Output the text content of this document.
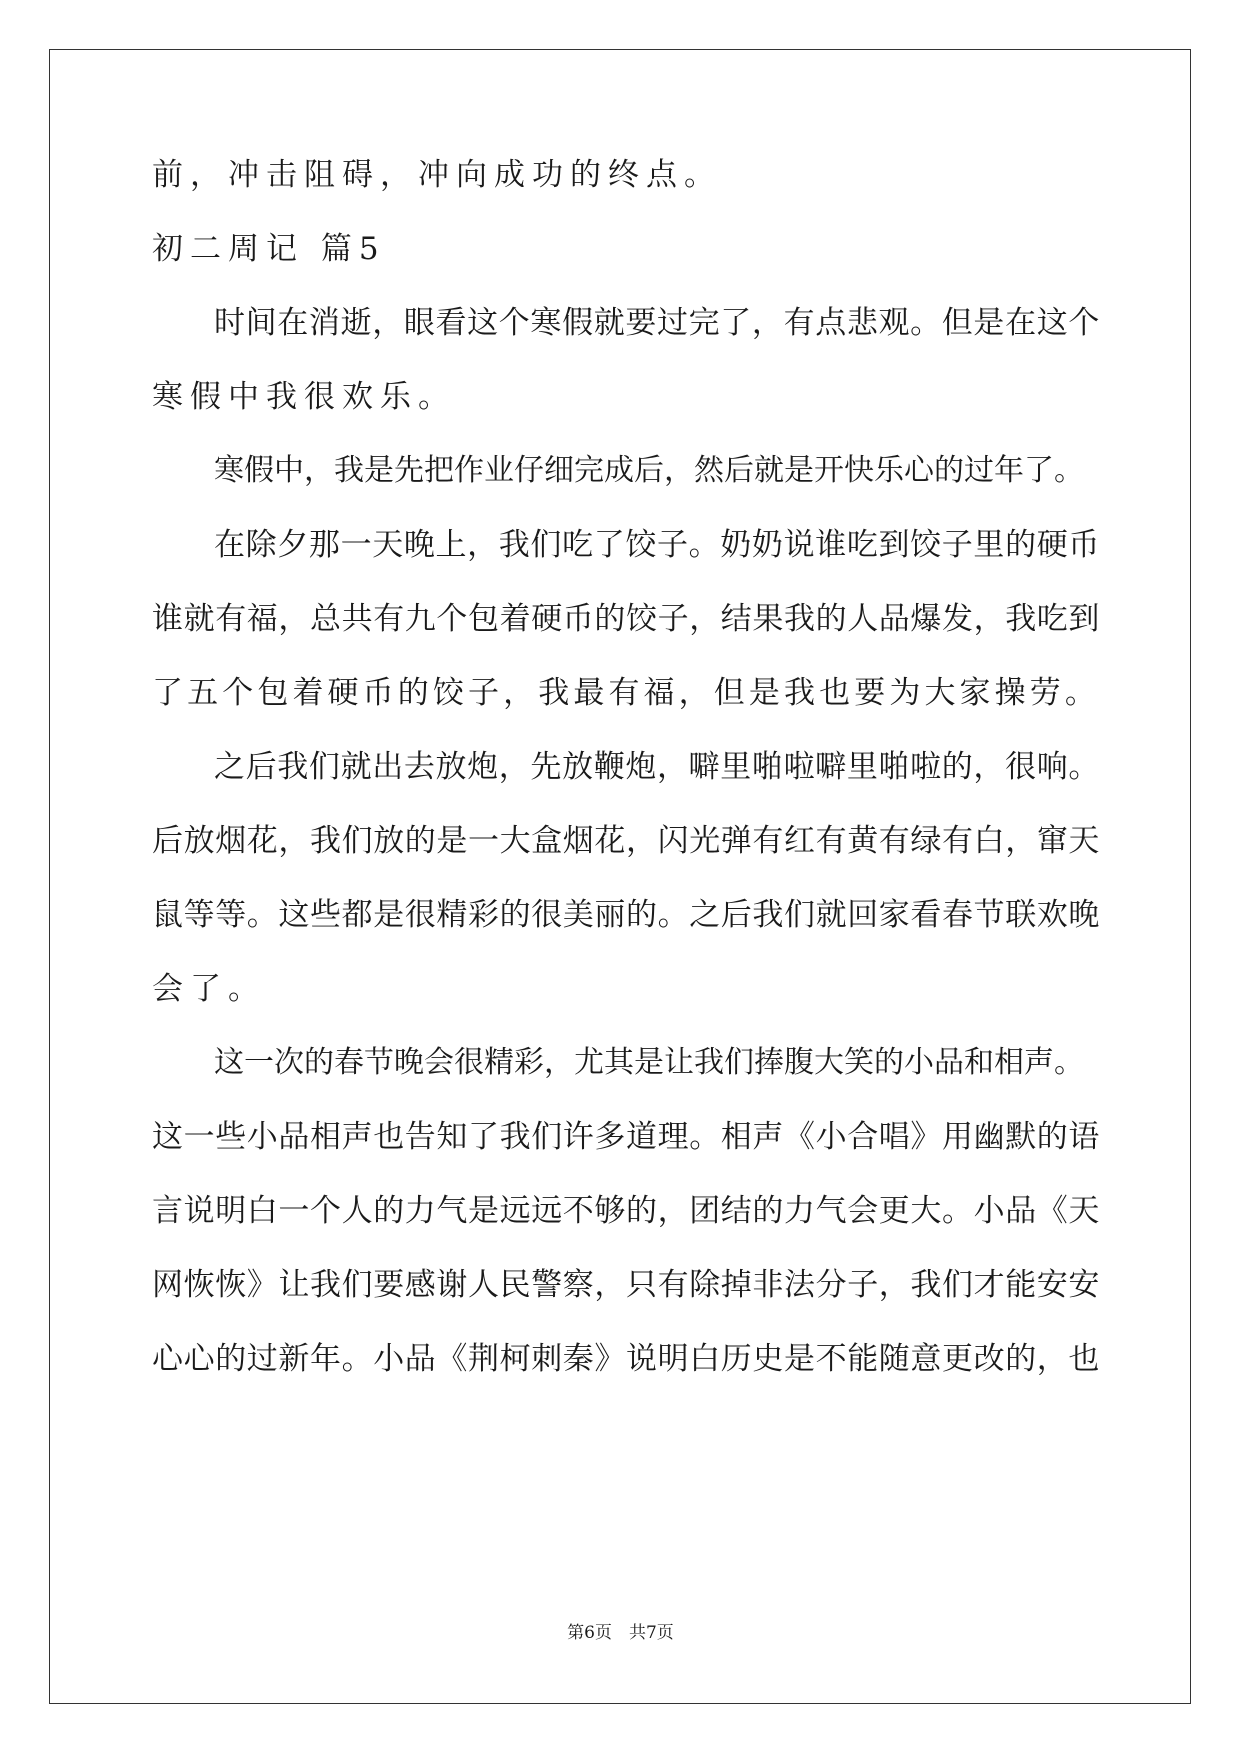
前，冲击阻碍，冲向成功的终点。
初二周记 篇5
时间在消逝，眼看这个寒假就要过完了，有点悲观。但是在这个
寒假中我很欢乐。
寒假中，我是先把作业仔细完成后，然后就是开快乐心的过年了。
在除夕那一天晚上，我们吃了饺子。奶奶说谁吃到饺子里的硬币
谁就有福，总共有九个包着硬币的饺子，结果我的人品爆发，我吃到
了五个包着硬币的饺子，我最有福，但是我也要为大家操劳。
之后我们就出去放炮，先放鞭炮，噼里啪啦噼里啪啦的，很响。
后放烟花，我们放的是一大盒烟花，闪光弹有红有黄有绿有白，窜天
鼠等等。这些都是很精彩的很美丽的。之后我们就回家看春节联欢晚
会了。
这一次的春节晚会很精彩，尤其是让我们捧腹大笑的小品和相声。
这一些小品相声也告知了我们许多道理。相声《小合唱》用幽默的语
言说明白一个人的力气是远远不够的，团结的力气会更大。小品《天
网恢恢》让我们要感谢人民警察，只有除掉非法分子，我们才能安安
心心的过新年。小品《荆柯刺秦》说明白历史是不能随意更改的，也
第6页　共7页
